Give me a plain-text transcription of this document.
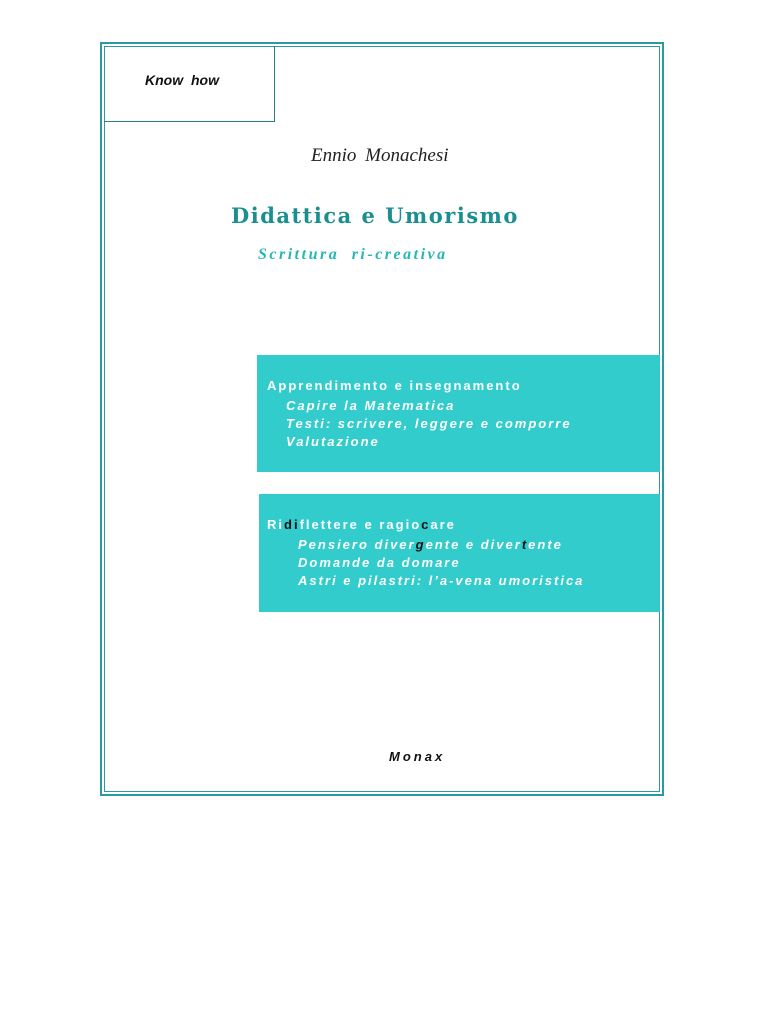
Know how
Ennio Monachesi
Didattica e Umorismo
Scrittura ri-creativa
Apprendimento e insegnamento
Capire la Matematica
Testi: scrivere, leggere e comporre
Valutazione
Ridiflettere e ragiocare
Pensiero divergente e divertente
Domande da domare
Astri e pilastri: l’a-vena umoristica
Monax
